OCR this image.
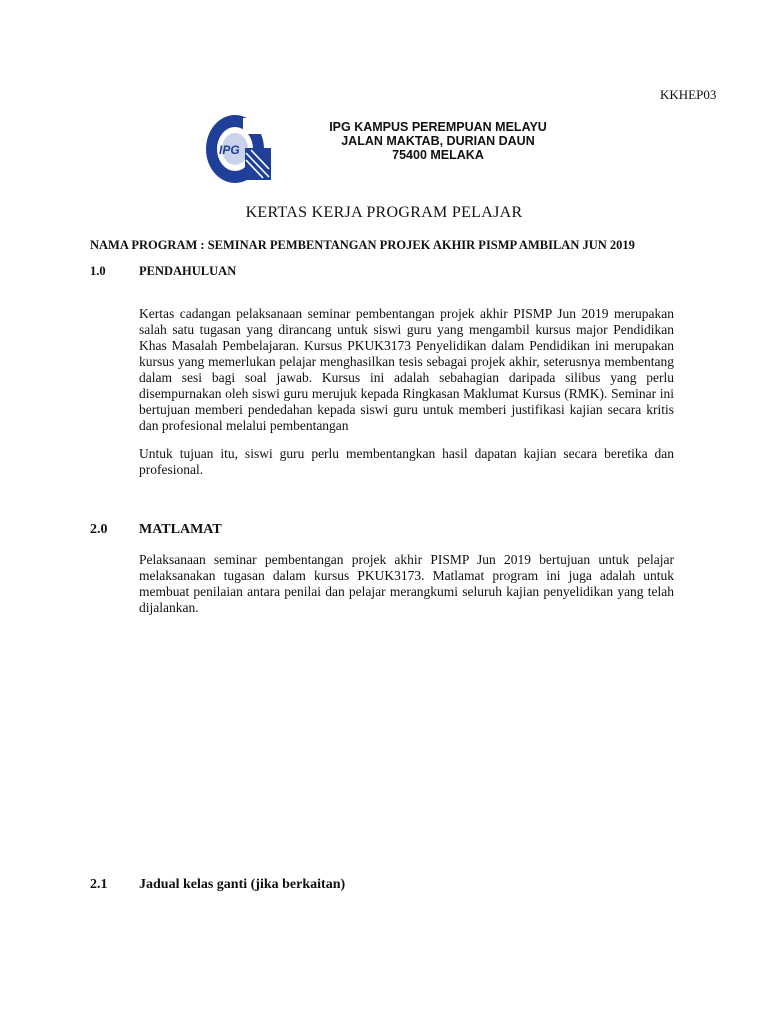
KKHEP03
IPG
IPG KAMPUS PEREMPUAN MELAYU
JALAN MAKTAB, DURIAN DAUN
75400 MELAKA
KERTAS KERJA PROGRAM PELAJAR
NAMA PROGRAM : SEMINAR PEMBENTANGAN PROJEK AKHIR PISMP AMBILAN JUN 2019
1.0	PENDAHULUAN

Kertas cadangan pelaksanaan seminar pembentangan projek akhir PISMP Jun 2019 merupakan salah satu tugasan yang dirancang untuk siswi guru yang mengambil kursus major Pendidikan Khas Masalah Pembelajaran. Kursus PKUK3173 Penyelidikan dalam Pendidikan ini merupakan kursus yang memerlukan pelajar menghasilkan tesis sebagai projek akhir, seterusnya membentang dalam sesi bagi soal jawab. Kursus ini adalah sebahagian daripada silibus yang perlu disempurnakan oleh siswi guru merujuk kepada Ringkasan Maklumat Kursus (RMK). Seminar ini bertujuan memberi pendedahan kepada siswi guru untuk memberi justifikasi kajian secara kritis dan profesional melalui pembentangan

Untuk tujuan itu, siswi guru perlu membentangkan hasil dapatan kajian secara beretika dan profesional.

2.0 MATLAMAT

Pelaksanaan seminar pembentangan projek akhir PISMP Jun 2019 bertujuan untuk pelajar melaksanakan tugasan dalam kursus PKUK3173. Matlamat program ini juga adalah untuk membuat penilaian antara penilai dan pelajar merangkumi seluruh kajian penyelidikan yang telah dijalankan.

2.1 Jadual kelas ganti (jika berkaitan)
